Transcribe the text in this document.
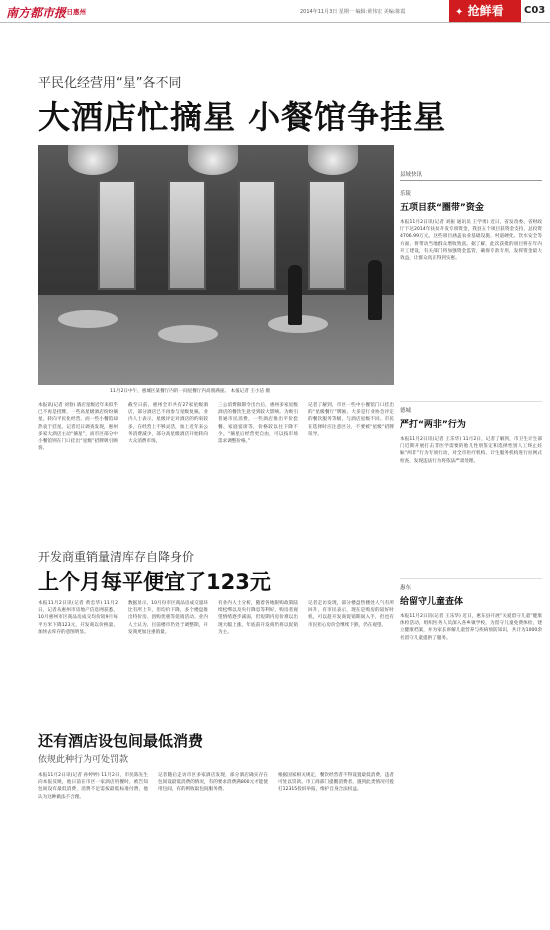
南方都市报
今日惠州	2014年11月3日 星期一 编辑:黄伟宏 美编:陈霞	✦ 抢鲜看	C03
平民化经营用“星”各不同
大酒店忙摘星 小餐馆争挂星
11月2日中午，惠城区某餐厅内的一间星餐厅内高朋满座。 本报记者 王小洁 摄
本报讯(记者 刘春) 酒店星级近年来似乎已不再是招牌，一些高星级酒店纷纷摘星，转向平民化经营，而一些小餐馆却热衷于挂星。记者近日调查发现，惠州多家大酒店主动“摘星”，而市区部分中小餐馆则在门口挂出“星级”招牌吸引顾客。
截至日前，惠州全市共有27家星级酒店，部分酒店已不再参与星级复核。业内人士表示，星级评定对酒店的约束较多，在经营上不够灵活，加上近年来公务消费减少，部分高星级酒店开始转向大众消费市场。
三公消费限制令出台后，惠州多家星级酒店的餐饮生意受到较大影响。为吸引普通市民消费，一些酒店推出平价套餐、家庭宴席等，价格较以往下降不少。“摘星后经营更自由，可以按市场需求调整价格。”
记者了解到，市区一些中小餐馆门口挂出的“星级餐厅”牌匾，大多是行业协会评定的餐饮服务等级，与酒店星级不同。市民在选择时应注意区分，不要被“星级”招牌误导。
县域快讯
乐陵
五项目获“圈带”资金
本报11月2日讯(记者 刘振 通讯员 王学勇) 近日，省发改委、省财政厅下达2014年扶贫开发专项资金，我县五个项目获资金支持，总投资4706.99万元。这些项目涵盖农业基础设施、村道硬化、饮水安全等方面，将带动当地群众增收致富。据了解，此次获批的项目将在年内开工建设，有关部门将加强资金监管，确保专款专用，发挥资金最大效益，让群众真正得到实惠。
德城
严打“两非”行为
本报11月2日讯(记者 王乐华) 11月2日，记者了解到，市卫生计生部门近期开展打击非医学需要的胎儿性别鉴定和选择性别人工终止妊娠“两非”行为专项行动，对全市医疗机构、计生服务机构进行拉网式检查，发现违法行为将依法严肃处理。
惠东
给留守儿童查体
本报11月2日讯(记者 王乐华) 近日，惠东县开展“关爱留守儿童”健康体检活动，组织医务人员深入各乡镇学校，为留守儿童免费体检，建立健康档案，并为家长讲解儿童营养与疾病预防知识，共计为1000余名留守儿童提供了服务。
开发商重销量清库存自降身价
上个月每平便宜了123元
本报11月2日讯(记者 黄忠华) 11月2日，记者从惠州市房地产信息网获悉，10月惠州市区商品房成交均价较9月每平方米下降123元，开发商以价换量、加快去库存的意图明显。
数据显示，10月份市区商品房成交量环比有所上升，但均价下降，多个楼盘推出特价房、团购优惠等促销活动。业内人士认为，目前楼市仍处于调整期，开发商更加注重销量。
有业内人士分析，随着各地限购政策陆续松绑以及央行降息等利好，购房者观望情绪逐步减弱，但短期内房价难以出现大幅上涨，年底前开发商仍将以促销为主。
记者走访发现，部分楼盘售楼处人气有所回升，有市民表示，现在是购房的较好时机，可以趁开发商促销期间入手，但也有市民担心房价会继续下跌，仍在观望。
还有酒店设包间最低消费
依规此种行为可处罚款
本报11月2日讯(记者 孙婷婷) 11月2日，市民陈先生向本报反映，他日前在市区一家酒店用餐时，被告知包间设有最低消费，消费不足需按最低标准付费，他认为这种做法不合理。
记者随后走访市区多家酒店发现，部分酒店确实存在包间设最低消费的情况，有的要求消费满800元才能使用包间，有的则收取包间服务费。
根据国家相关规定，餐饮经营者不得设置最低消费，违者可处以罚款。市工商部门提醒消费者，遇到此类情况可拨打12315投诉举报，维护自身合法权益。
